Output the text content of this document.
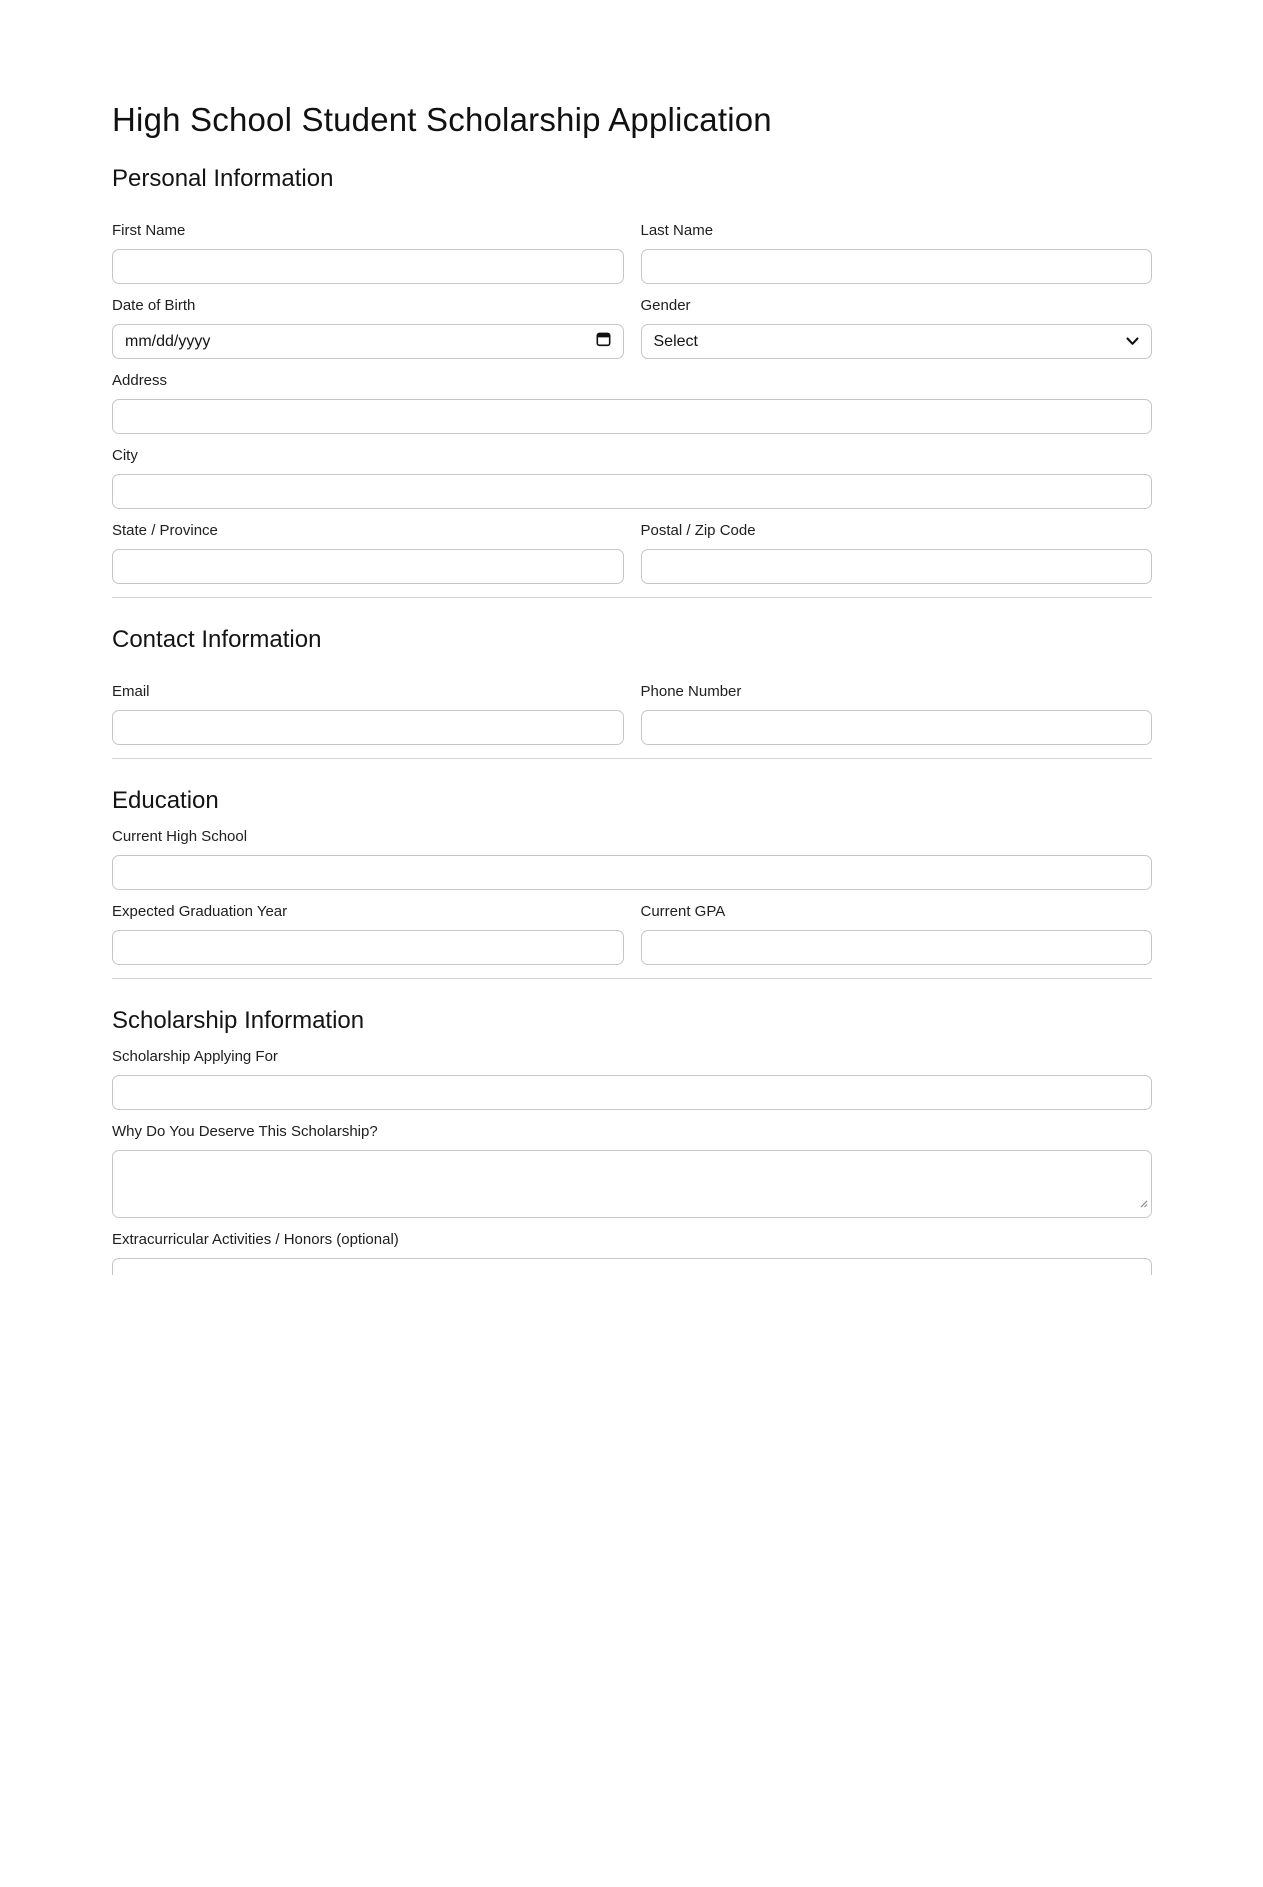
High School Student Scholarship Application
Personal Information
First Name	Last Name
Date of Birth
mm/dd/yyyy
Gender
Select
Address
City
State / Province	Postal / Zip Code
Contact Information
Email	Phone Number
Education
Current High School
Expected Graduation Year	Current GPA
Scholarship Information
Scholarship Applying For
Why Do You Deserve This Scholarship?
Extracurricular Activities / Honors (optional)
